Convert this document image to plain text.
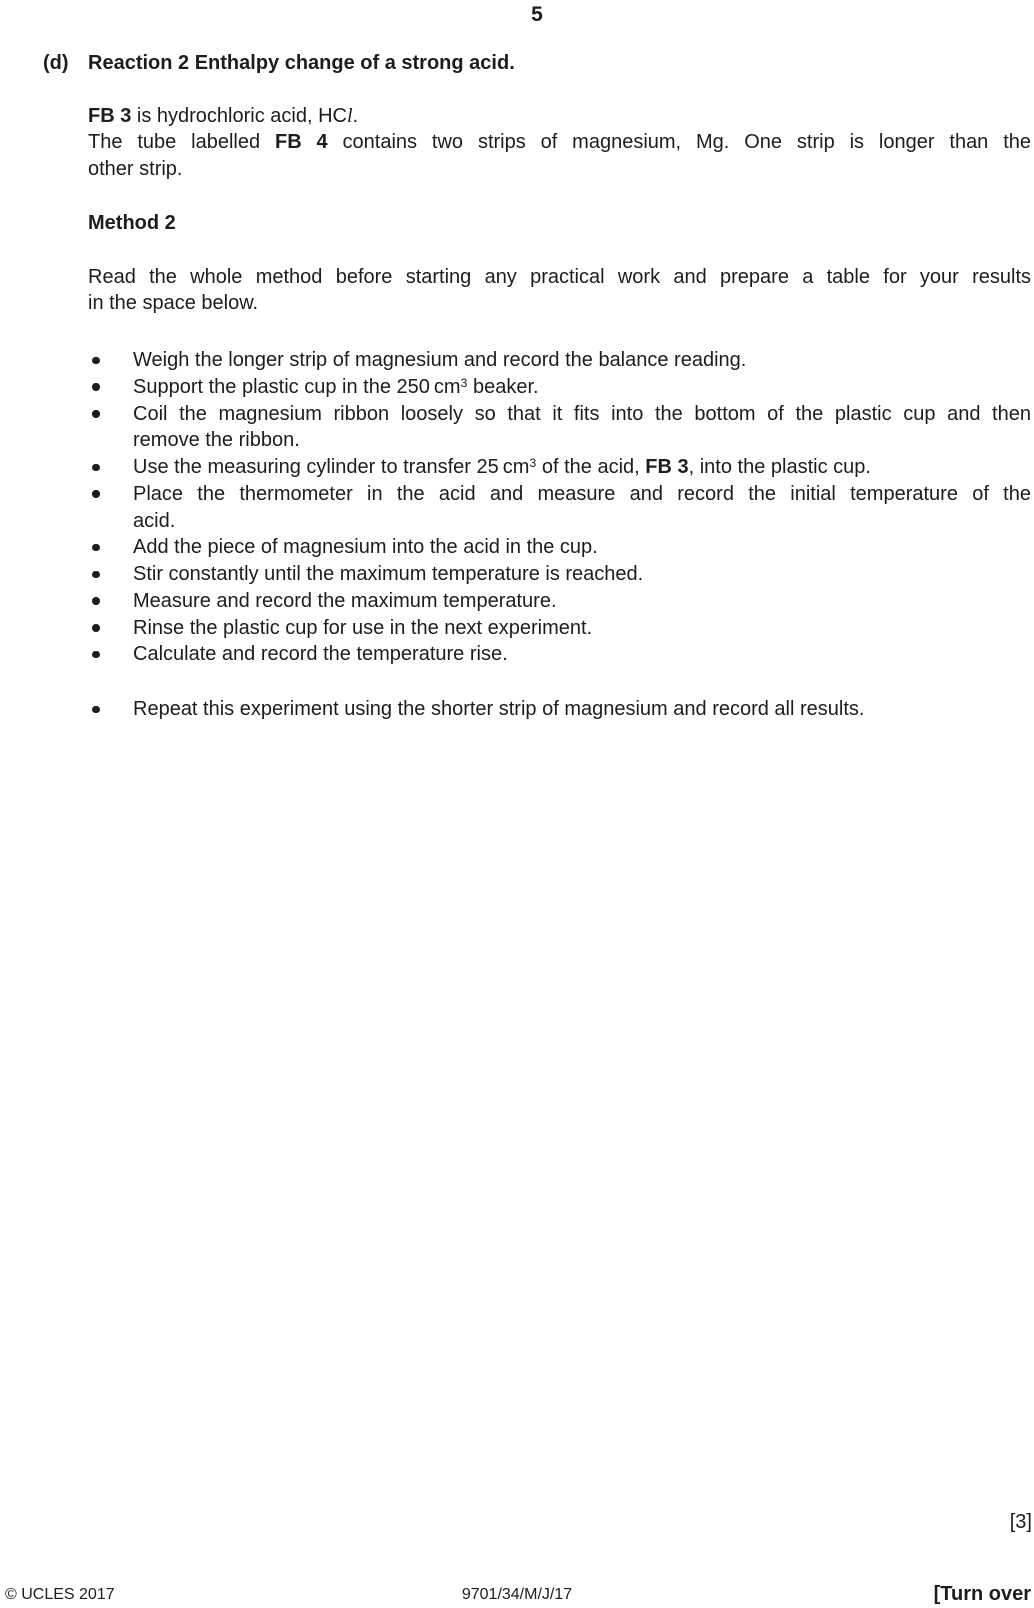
5
(d) Reaction 2 Enthalpy change of a strong acid.
FB 3 is hydrochloric acid, HCl.
The tube labelled FB 4 contains two strips of magnesium, Mg. One strip is longer than the
other strip.
Method 2
Read the whole method before starting any practical work and prepare a table for your results
in the space below.
Weigh the longer strip of magnesium and record the balance reading.
Support the plastic cup in the 250 $cm^3$ beaker.
Coil the magnesium ribbon loosely so that it fits into the bottom of the plastic cup and then
remove the ribbon.
Use the measuring cylinder to transfer 25 $cm^3$ of the acid, FB 3, into the plastic cup.
Place the thermometer in the acid and measure and record the initial temperature of the
acid.
Add the piece of magnesium into the acid in the cup.
Stir constantly until the maximum temperature is reached.
Measure and record the maximum temperature.
Rinse the plastic cup for use in the next experiment.
Calculate and record the temperature rise.
Repeat this experiment using the shorter strip of magnesium and record all results.
[3]
© UCLES 2017	9701/34/M/J/17	[Turn over
